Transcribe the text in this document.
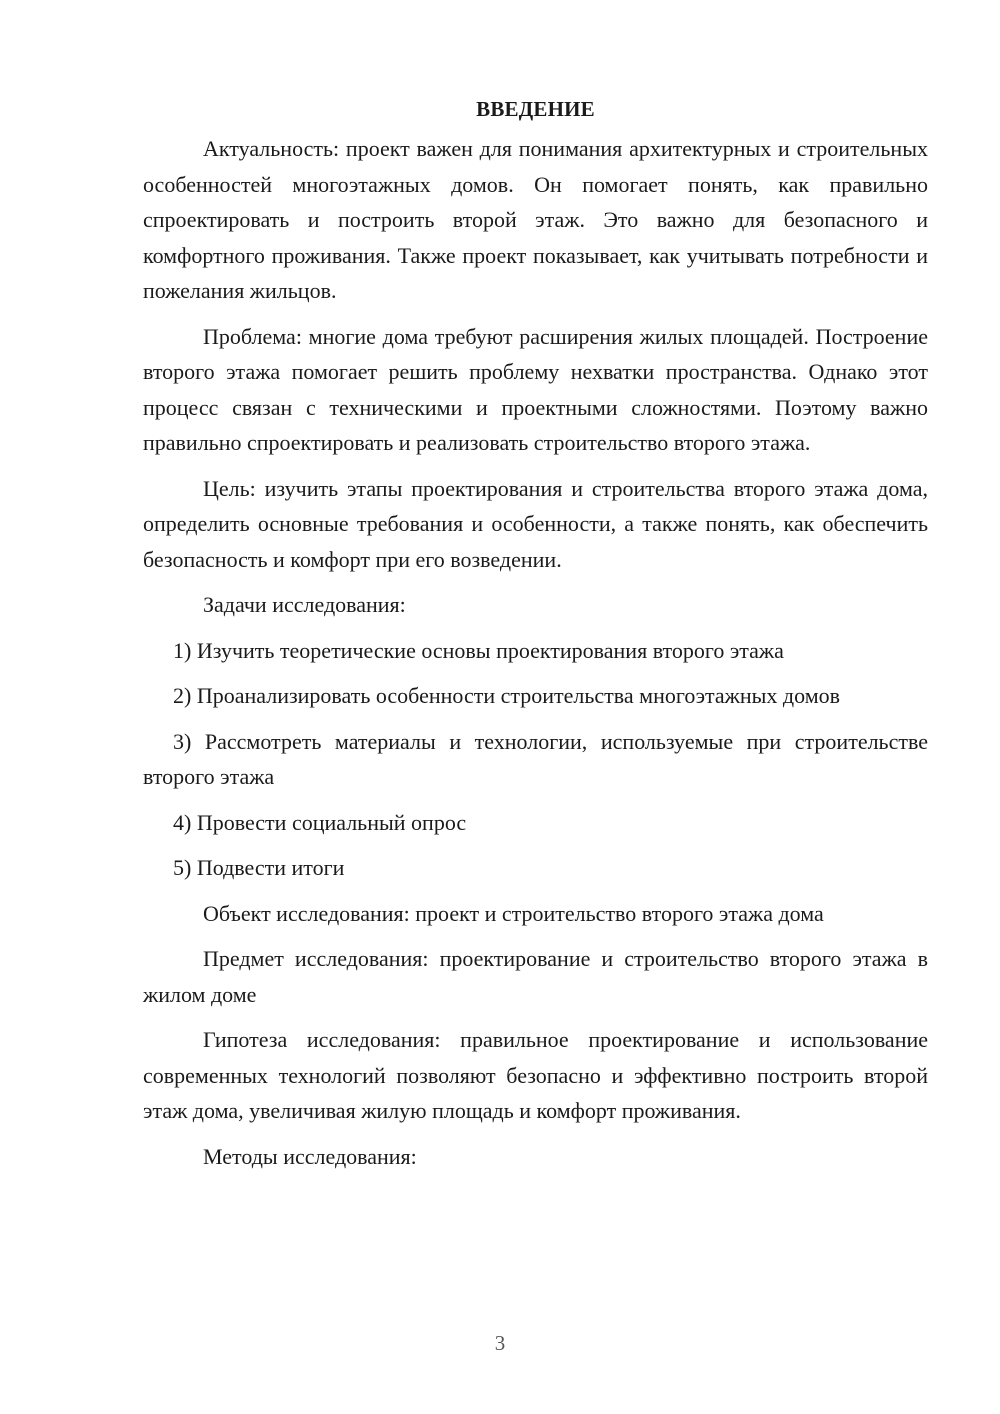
ВВЕДЕНИЕ

Актуальность: проект важен для понимания архитектурных и строительных особенностей многоэтажных домов. Он помогает понять, как правильно спроектировать и построить второй этаж. Это важно для безопасного и комфортного проживания. Также проект показывает, как учитывать потребности и пожелания жильцов.

Проблема: многие дома требуют расширения жилых площадей. Построение второго этажа помогает решить проблему нехватки пространства. Однако этот процесс связан с техническими и проектными сложностями. Поэтому важно правильно спроектировать и реализовать строительство второго этажа.

Цель: изучить этапы проектирования и строительства второго этажа дома, определить основные требования и особенности, а также понять, как обеспечить безопасность и комфорт при его возведении.

Задачи исследования:

1) Изучить теоретические основы проектирования второго этажа

2) Проанализировать особенности строительства многоэтажных домов

3) Рассмотреть материалы и технологии, используемые при строительстве второго этажа

4) Провести социальный опрос

5) Подвести итоги

Объект исследования: проект и строительство второго этажа дома

Предмет исследования: проектирование и строительство второго этажа в жилом доме

Гипотеза исследования: правильное проектирование и использование современных технологий позволяют безопасно и эффективно построить второй этаж дома, увеличивая жилую площадь и комфорт проживания.

Методы исследования:

3
